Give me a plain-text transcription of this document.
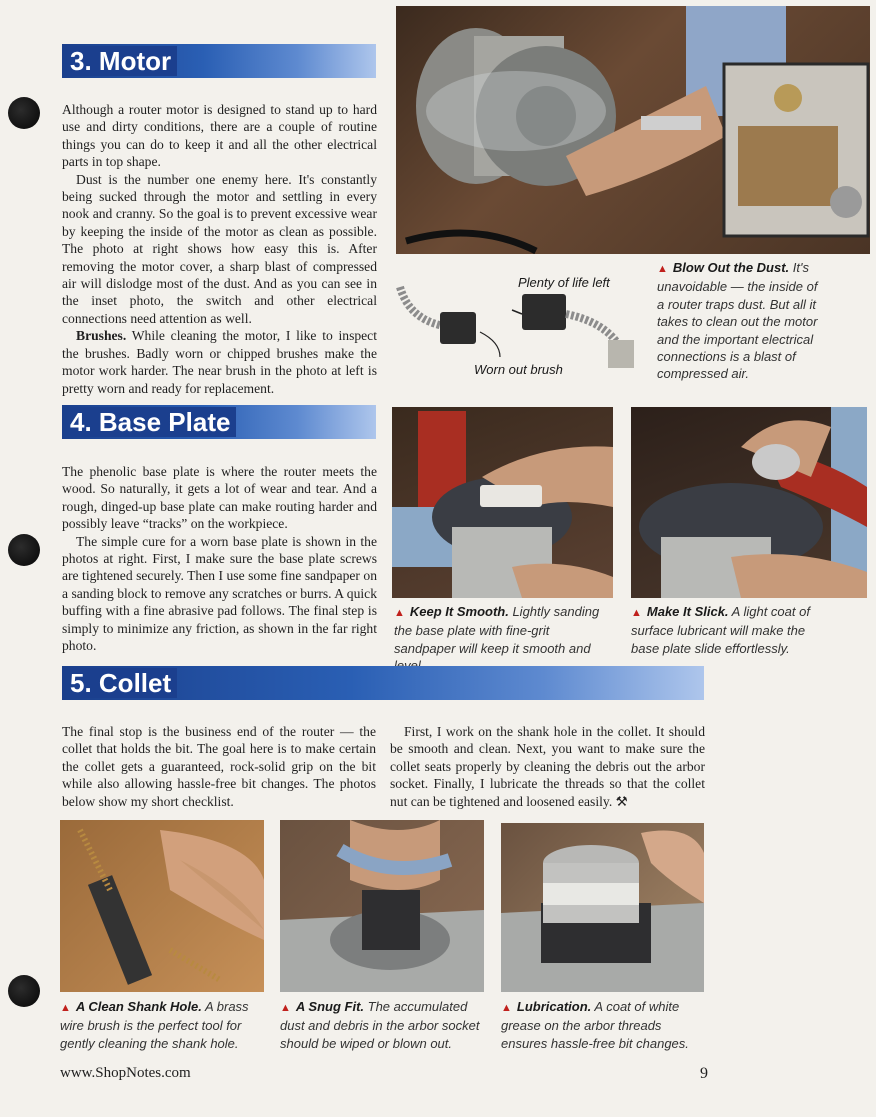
3. Motor

Although a router motor is designed to stand up to hard use and dirty conditions, there are a couple of routine things you can do to keep it and all the other electrical parts in top shape.

Dust is the number one enemy here. It's constantly being sucked through the motor and settling in every nook and cranny. So the goal is to prevent excessive wear by keeping the inside of the motor as clean as possible. The photo at right shows how easy this is. After removing the motor cover, a sharp blast of compressed air will dislodge most of the dust. And as you can see in the inset photo, the switch and other electrical connections need attention as well.

Brushes. While cleaning the motor, I like to inspect the brushes. Badly worn or chipped brushes make the motor work harder. The near brush in the photo at left is pretty worn and ready for replacement.

Plenty of life left
Worn out brush
▲ Blow Out the Dust. It's unavoidable — the inside of a router traps dust. But all it takes to clean out the motor and the important electrical connections is a blast of compressed air.
4. Base Plate

The phenolic base plate is where the router meets the wood. So naturally, it gets a lot of wear and tear. And a rough, dinged-up base plate can make routing harder and possibly leave “tracks” on the workpiece.

The simple cure for a worn base plate is shown in the photos at right. First, I make sure the base plate screws are tightened securely. Then I use some fine sandpaper on a sanding block to remove any scratches or burrs. A quick buffing with a fine abrasive pad follows. The final step is simply to minimize any friction, as shown in the far right photo.

▲ Keep It Smooth. Lightly sanding the base plate with fine-grit sandpaper will keep it smooth and
▲ Make It Slick. A light coat of surface lubricant will make the base plate slide effortlessly.
5. Collet

The final stop is the business end of the router — the collet that holds the bit. The goal here is to make certain the collet gets a guaranteed, rock-solid grip on the bit while also allowing hassle-free bit changes. The photos below show my short checklist.

First, I work on the shank hole in the collet. It should be smooth and clean. Next, you want to make sure the collet seats properly by cleaning the debris out the arbor socket. Finally, I lubricate the threads so that the collet nut can be tightened and loosened easily. ⚒

▲ A Clean Shank Hole. A brass wire brush is the perfect tool for gently cleaning the shank hole.
▲ A Snug Fit. The accumulated dust and debris in the arbor socket should be wiped or blown out.
▲ Lubrication. A coat of white grease on the arbor threads ensures hassle-free bit changes.
www.ShopNotes.com	9
